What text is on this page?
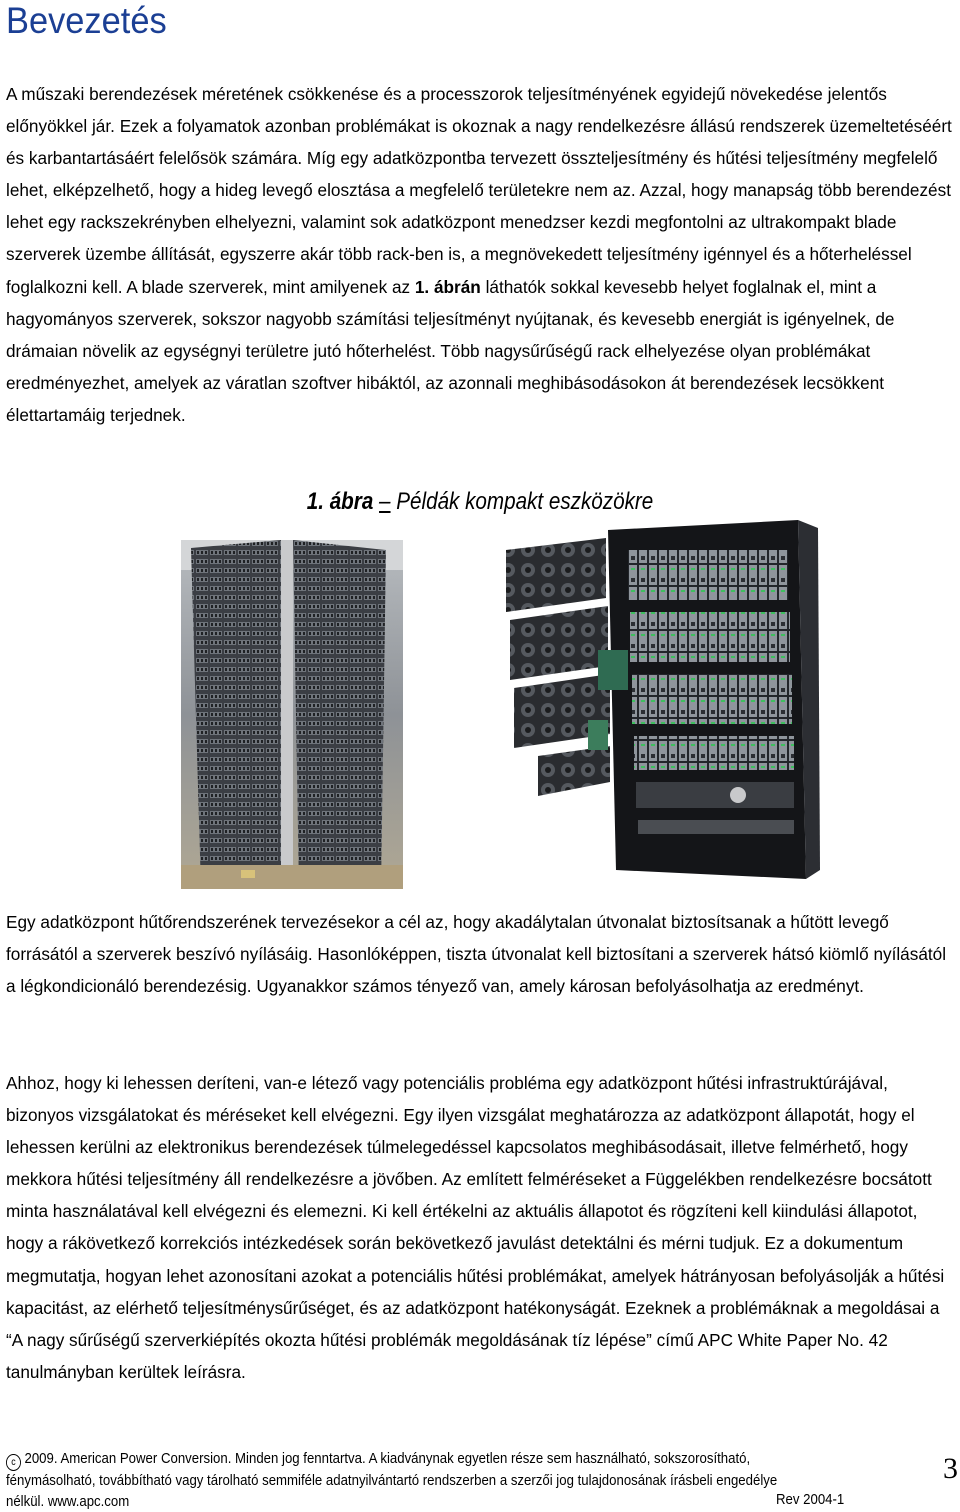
Bevezetés

A műszaki berendezések méretének csökkenése és a processzorok teljesítményének egyidejű növekedése jelentős előnyökkel jár. Ezek a folyamatok azonban problémákat is okoznak a nagy rendelkezésre állású rendszerek üzemeltetéséért és karbantartásáért felelősök számára. Míg egy adatközpontba tervezett összteljesítmény és hűtési teljesítmény megfelelő lehet, elképzelhető, hogy a hideg levegő elosztása a megfelelő területekre nem az. Azzal, hogy manapság több berendezést lehet egy rackszekrényben elhelyezni, valamint sok adatközpont menedzser kezdi megfontolni az ultrakompakt blade szerverek üzembe állítását, egyszerre akár több rack-ben is, a megnövekedett teljesítmény igénnyel és a hőterheléssel foglalkozni kell. A blade szerverek, mint amilyenek az 1. ábrán láthatók sokkal kevesebb helyet foglalnak el, mint a hagyományos szerverek, sokszor nagyobb számítási teljesítményt nyújtanak, és kevesebb energiát is igényelnek, de drámaian növelik az egységnyi területre jutó hőterhelést. Több nagysűrűségű rack elhelyezése olyan problémákat eredményezhet, amelyek az váratlan szoftver hibáktól, az azonnali meghibásodásokon át berendezések lecsökkent élettartamáig terjednek.

1. ábra – Példák kompakt eszközökre

Egy adatközpont hűtőrendszerének tervezésekor a cél az, hogy akadálytalan útvonalat biztosítsanak a hűtött levegő forrásától a szerverek beszívó nyílásáig. Hasonlóképpen, tiszta útvonalat kell biztosítani a szerverek hátsó kiömlő nyílásától a légkondicionáló berendezésig. Ugyanakkor számos tényező van, amely károsan befolyásolhatja az eredményt.

Ahhoz, hogy ki lehessen deríteni, van-e létező vagy potenciális probléma egy adatközpont hűtési infrastruktúrájával, bizonyos vizsgálatokat és méréseket kell elvégezni. Egy ilyen vizsgálat meghatározza az adatközpont állapotát, hogy el lehessen kerülni az elektronikus berendezések túlmelegedéssel kapcsolatos meghibásodásait, illetve felmérhető, hogy mekkora hűtési teljesítmény áll rendelkezésre a jövőben. Az említett felméréseket a Függelékben rendelkezésre bocsátott minta használatával kell elvégezni és elemezni. Ki kell értékelni az aktuális állapotot és rögzíteni kell kiindulási állapotot, hogy a rákövetkező korrekciós intézkedések során bekövetkező javulást detektálni és mérni tudjuk. Ez a dokumentum megmutatja, hogyan lehet azonosítani azokat a potenciális hűtési problémákat, amelyek hátrányosan befolyásolják a hűtési kapacitást, az elérhető teljesítménysűrűséget, és az adatközpont hatékonyságát. Ezeknek a problémáknak a megoldásai a “A nagy sűrűségű szerverkiépítés okozta hűtési problémák megoldásának tíz lépése” című APC White Paper No. 42 tanulmányban kerültek leírásra.

c 2009. American Power Conversion. Minden jog fenntartva. A kiadványnak egyetlen része sem használható, sokszorosítható, fénymásolható, továbbítható vagy tárolható semmiféle adatnyilvántartó rendszerben a szerzői jog tulajdonosának írásbeli engedélye nélkül. www.apc.com	Rev 2004-1
3
